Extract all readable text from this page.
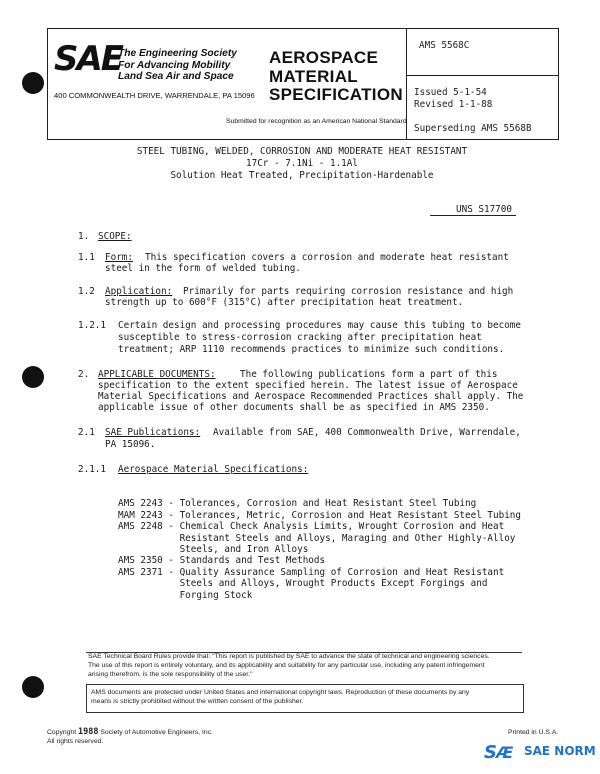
SAE
The Engineering Society
For Advancing Mobility
Land Sea Air and Space
400 COMMONWEALTH DRIVE, WARRENDALE, PA 15096
AEROSPACE
MATERIAL
SPECIFICATION
Submitted for recognition as an American National Standard
AMS 5568C
Issued 5-1-54
Revised 1-1-88
Superseding AMS 5568B
STEEL TUBING, WELDED, CORROSION AND MODERATE HEAT RESISTANT
17Cr - 7.1Ni - 1.1Al
Solution Heat Treated, Precipitation-Hardenable
UNS S17700
1. SCOPE:
1.1 Form: This specification covers a corrosion and moderate heat resistant
steel in the form of welded tubing.
1.2 Application: Primarily for parts requiring corrosion resistance and high
strength up to 600°F (315°C) after precipitation heat treatment.
1.2.1 Certain design and processing procedures may cause this tubing to become
susceptible to stress-corrosion cracking after precipitation heat
treatment; ARP 1110 recommends practices to minimize such conditions.
2. APPLICABLE DOCUMENTS:	The following publications form a part of this
specification to the extent specified herein. The latest issue of Aerospace
Material Specifications and Aerospace Recommended Practices shall apply. The
applicable issue of other documents shall be as specified in AMS 2350.
2.1 SAE Publications: Available from SAE, 400 Commonwealth Drive, Warrendale,
PA 15096.
2.1.1 Aerospace Material Specifications:

AMS 2243 - Tolerances, Corrosion and Heat Resistant Steel Tubing
MAM 2243 - Tolerances, Metric, Corrosion and Heat Resistant Steel Tubing
AMS 2248 - Chemical Check Analysis Limits, Wrought Corrosion and Heat
Resistant Steels and Alloys, Maraging and Other Highly-Alloy
Steels, and Iron Alloys
AMS 2350 - Standards and Test Methods
AMS 2371 - Quality Assurance Sampling of Corrosion and Heat Resistant
Steels and Alloys, Wrought Products Except Forgings and
Forging Stock
SAE Technical Board Rules provide that: "This report is published by SAE to advance the state of technical and engineering sciences.
The use of this report is entirely voluntary, and its applicability and suitability for any particular use, including any patent infringement
arising therefrom, is the sole responsibility of the user."
AMS documents are protected under United States and international copyright laws. Reproduction of these documents by any
means is strictly prohibited without the written consent of the publisher.
Copyright 1988 Society of Automotive Engineers, Inc.
All rights reserved.
Printed in U.S.A.
SÆ SAE NORM
